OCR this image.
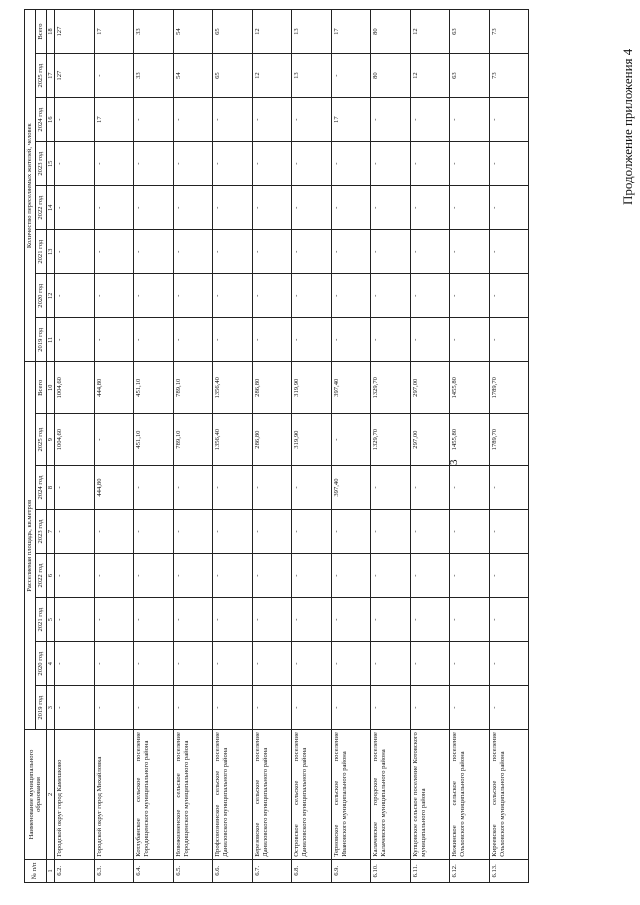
3
Продолжение приложения 4
№ п/п	Наименование муниципального образования	Расселяемая площадь, кв.метров								Количество переселяемых жителей, человек							
		2019 год	2020 год	2021 год	2022 год	2023 год	2024 год	2025 год	Всего	2019 год	2020 год	2021 год	2022 год	2023 год	2024 год	2025 год	Всего
1	2	3	4	5	6	7	8	9	10	11	12	13	14	15	16	17	18
6.2.	Городской округ город Камешково	-	-	-	-	-	-	1004,60	1004,60	-	-	-	-	-	-	127	127
6.3.	Городской округ город Михайловка	-	-	-	-	-	444,80	-	444,80	-	-	-	-	-	17	-	17
6.4.	Котлубанское сельское поселение Городищенского муниципального района	-	-	-	-	-	-	451,10	451,10	-	-	-	-	-	-	33	33
6.5.	Новожизненское сельское поселение Городищенского муниципального района	-	-	-	-	-	-	789,10	789,10	-	-	-	-	-	-	54	54
6.6.	Профсоюзнинское сельское поселение Даниловского муниципального района	-	-	-	-	-	-	1356,40	1356,40	-	-	-	-	-	-	65	65
6.7.	Березовское сельское поселение Даниловского муниципального района	-	-	-	-	-	-	286,80	286,80	-	-	-	-	-	-	12	12
6.8.	Островское сельское поселение Даниловского муниципального района	-	-	-	-	-	-	319,90	319,90	-	-	-	-	-	-	13	13
6.9.	Терновское сельское поселение Ивановского муниципального района	-	-	-	-	-	397,40	-	397,40	-	-	-	-	-	17	-	17
6.10.	Калачевское городское поселение Калачевского муниципального района	-	-	-	-	-	-	1329,70	1329,70	-	-	-	-	-	-	80	80
6.11.	Купцовское сельское поселение Котовского муниципального района	-	-	-	-	-	-	297,00	297,00	-	-	-	-	-	-	12	12
6.12.	Нежинское сельское поселение Ольховского муниципального района	-	-	-	-	-	-	1455,80	1455,80	-	-	-	-	-	-	63	63
6.13.	Киреевское сельское поселение Ольховского муниципального района	-	-	-	-	-	-	1789,70	1789,70	-	-	-	-	-	-	73	73
